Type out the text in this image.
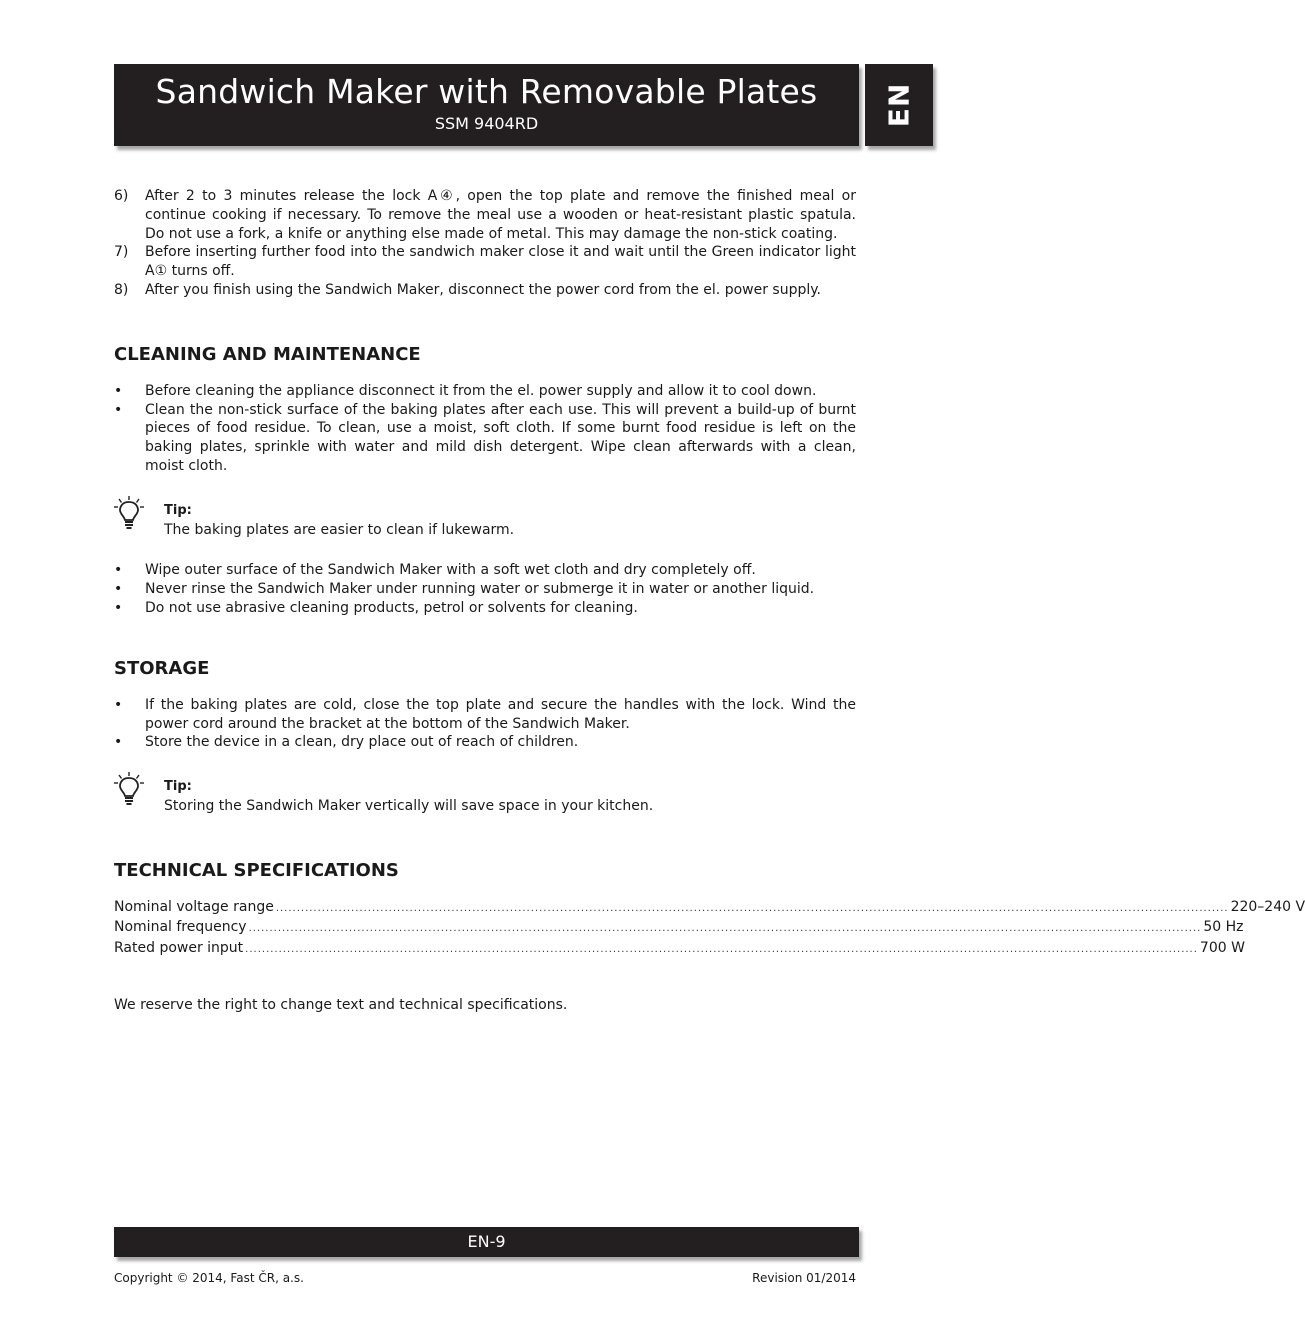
Sandwich Maker with Removable Plates
SSM 9404RD	EN
6) After 2 to 3 minutes release the lock A④, open the top plate and remove the finished meal or continue cooking if necessary. To remove the meal use a wooden or heat-resistant plastic spatula. Do not use a fork, a knife or anything else made of metal. This may damage the non-stick coating.
7) Before inserting further food into the sandwich maker close it and wait until the Green indicator light A① turns off.
8) After you finish using the Sandwich Maker, disconnect the power cord from the el. power supply.
CLEANING AND MAINTENANCE
• Before cleaning the appliance disconnect it from the el. power supply and allow it to cool down.
• Clean the non-stick surface of the baking plates after each use. This will prevent a build-up of burnt pieces of food residue. To clean, use a moist, soft cloth. If some burnt food residue is left on the baking plates, sprinkle with water and mild dish detergent. Wipe clean afterwards with a clean, moist cloth.
Tip:
The baking plates are easier to clean if lukewarm.
• Wipe outer surface of the Sandwich Maker with a soft wet cloth and dry completely off.
• Never rinse the Sandwich Maker under running water or submerge it in water or another liquid.
• Do not use abrasive cleaning products, petrol or solvents for cleaning.
STORAGE
• If the baking plates are cold, close the top plate and secure the handles with the lock. Wind the power cord around the bracket at the bottom of the Sandwich Maker.
• Store the device in a clean, dry place out of reach of children.
Tip:
Storing the Sandwich Maker vertically will save space in your kitchen.
TECHNICAL SPECIFICATIONS
Nominal voltage range .................................................................................................................................................................................................................................... 220–240 V
Nominal frequency .................................................................................................................................................................................................................................... 50 Hz
Rated power input .................................................................................................................................................................................................................................... 700 W
We reserve the right to change text and technical specifications.
EN-9
Copyright © 2014, Fast ČR, a.s.	Revision 01/2014
